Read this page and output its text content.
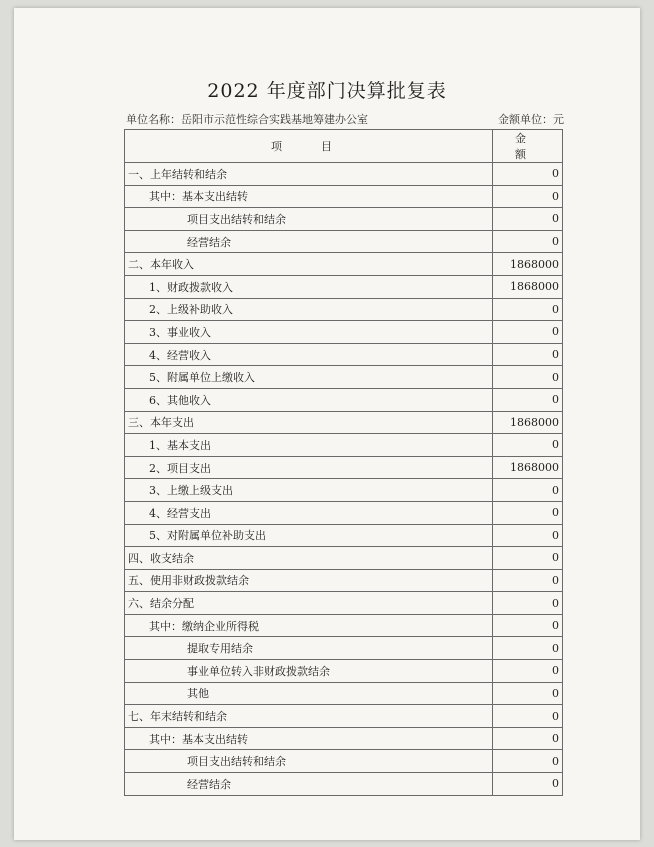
2022 年度部门决算批复表
单位名称：岳阳市示范性综合实践基地筹建办公室	金额单位：元
项　目	金　额
一、上年结转和结余	0
其中：基本支出结转	0
项目支出结转和结余	0
经营结余	0
二、本年收入	1868000
1、财政拨款收入	1868000
2、上级补助收入	0
3、事业收入	0
4、经营收入	0
5、附属单位上缴收入	0
6、其他收入	0
三、本年支出	1868000
1、基本支出	0
2、项目支出	1868000
3、上缴上级支出	0
4、经营支出	0
5、对附属单位补助支出	0
四、收支结余	0
五、使用非财政拨款结余	0
六、结余分配	0
其中：缴纳企业所得税	0
提取专用结余	0
事业单位转入非财政拨款结余	0
其他	0
七、年末结转和结余	0
其中：基本支出结转	0
项目支出结转和结余	0
经营结余	0
